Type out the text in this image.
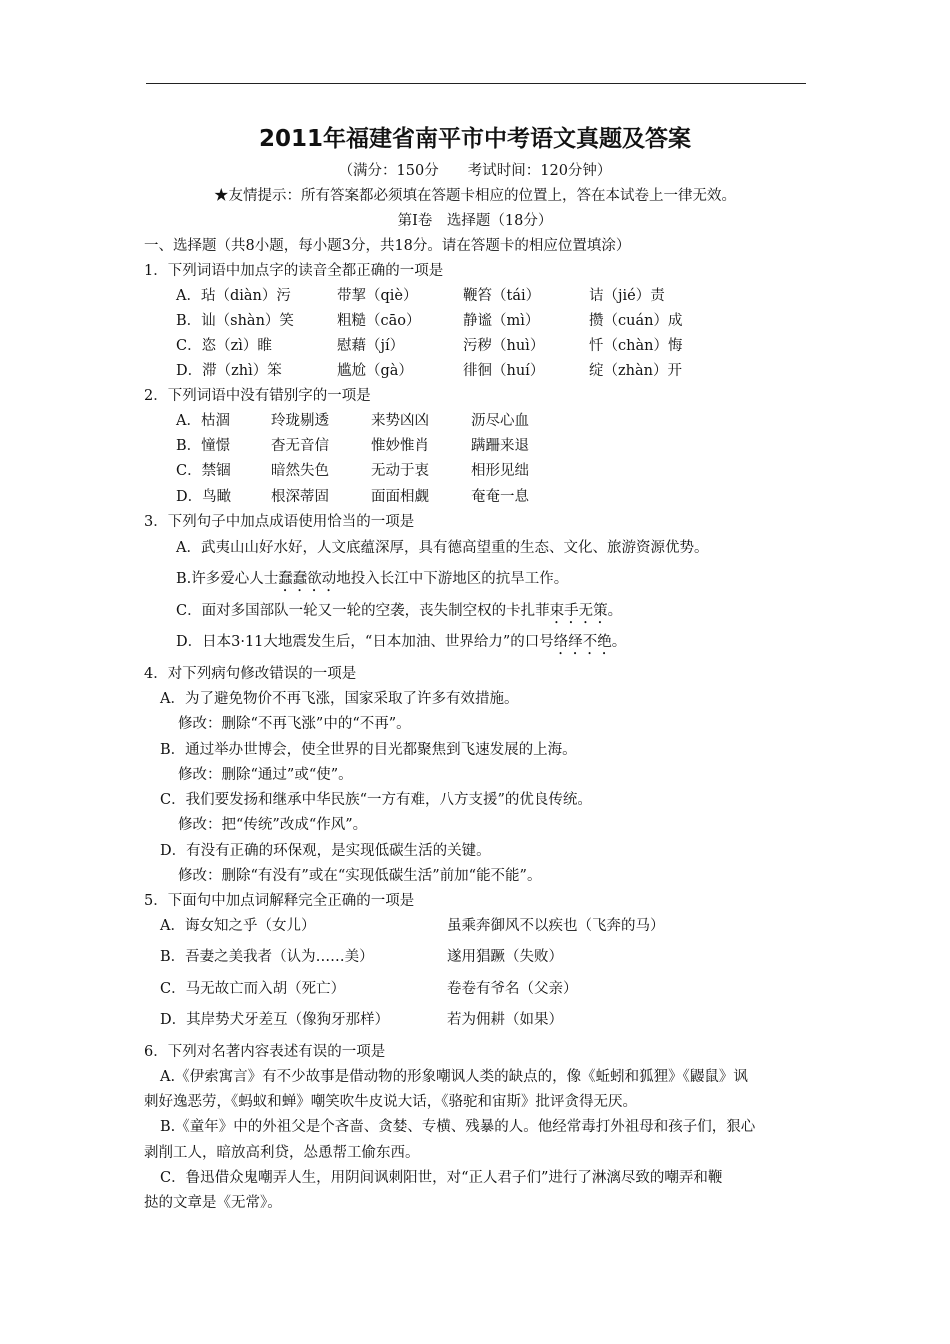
2011年福建省南平市中考语文真题及答案
（满分：150分　　考试时间：120分钟）
★友情提示：所有答案都必须填在答题卡相应的位置上，答在本试卷上一律无效。
第Ⅰ卷　选择题（18分）
一、选择题（共8小题，每小题3分，共18分。请在答题卡的相应位置填涂）
1．下列词语中加点字的读音全都正确的一项是
A．玷（diàn）污	带挈（qiè）	鞭笞（tái）	诘（jié）责
B．讪（shàn）笑	粗糙（cāo）	静谧（mì）	攒（cuán）成
C．恣（zì）睢	慰藉（jí）	污秽（huì）	忏（chàn）悔
D．滞（zhì）笨	尴尬（gà）	徘徊（huí）	绽（zhàn）开
2．下列词语中没有错别字的一项是
A．枯涸	玲珑剔透	来势凶凶	沥尽心血
B．憧憬	杳无音信	惟妙惟肖	蹒跚来退
C．禁锢	暗然失色	无动于衷	相形见绌
D．鸟瞰	根深蒂固	面面相觑	奄奄一息
3．下列句子中加点成语使用恰当的一项是
A．武夷山山好水好，人文底蕴深厚，具有德高望重的生态、文化、旅游资源优势。
B.许多爱心人士蠢蠢欲动地投入长江中下游地区的抗旱工作。
C．面对多国部队一轮又一轮的空袭，丧失制空权的卡扎菲束手无策。
D．日本3·11大地震发生后，“日本加油、世界给力”的口号络绎不绝。
4．对下列病句修改错误的一项是
A．为了避免物价不再飞涨，国家采取了许多有效措施。
修改：删除“不再飞涨”中的“不再”。
B．通过举办世博会，使全世界的目光都聚焦到飞速发展的上海。
修改：删除“通过”或“使”。
C．我们要发扬和继承中华民族“一方有难，八方支援”的优良传统。
修改：把“传统”改成“作风”。
D．有没有正确的环保观，是实现低碳生活的关键。
修改：删除“有没有”或在“实现低碳生活”前加“能不能”。
5．下面句中加点词解释完全正确的一项是
A．诲女知之乎（女儿）	虽乘奔御风不以疾也（飞奔的马）
B．吾妻之美我者（认为……美）	遂用猖蹶（失败）
C．马无故亡而入胡（死亡）	卷卷有爷名（父亲）
D．其岸势犬牙差互（像狗牙那样）	若为佣耕（如果）
6．下列对名著内容表述有误的一项是
A.《伊索寓言》有不少故事是借动物的形象嘲讽人类的缺点的，像《蚯蚓和狐狸》《鼹鼠》讽
刺好逸恶劳，《蚂蚁和蝉》嘲笑吹牛皮说大话，《骆驼和宙斯》批评贪得无厌。
B.《童年》中的外祖父是个吝啬、贪婪、专横、残暴的人。他经常毒打外祖母和孩子们，狠心
剥削工人，暗放高利贷，怂恿帮工偷东西。
C．鲁迅借众鬼嘲弄人生，用阴间讽刺阳世，对“正人君子们”进行了淋漓尽致的嘲弄和鞭
挞的文章是《无常》。
